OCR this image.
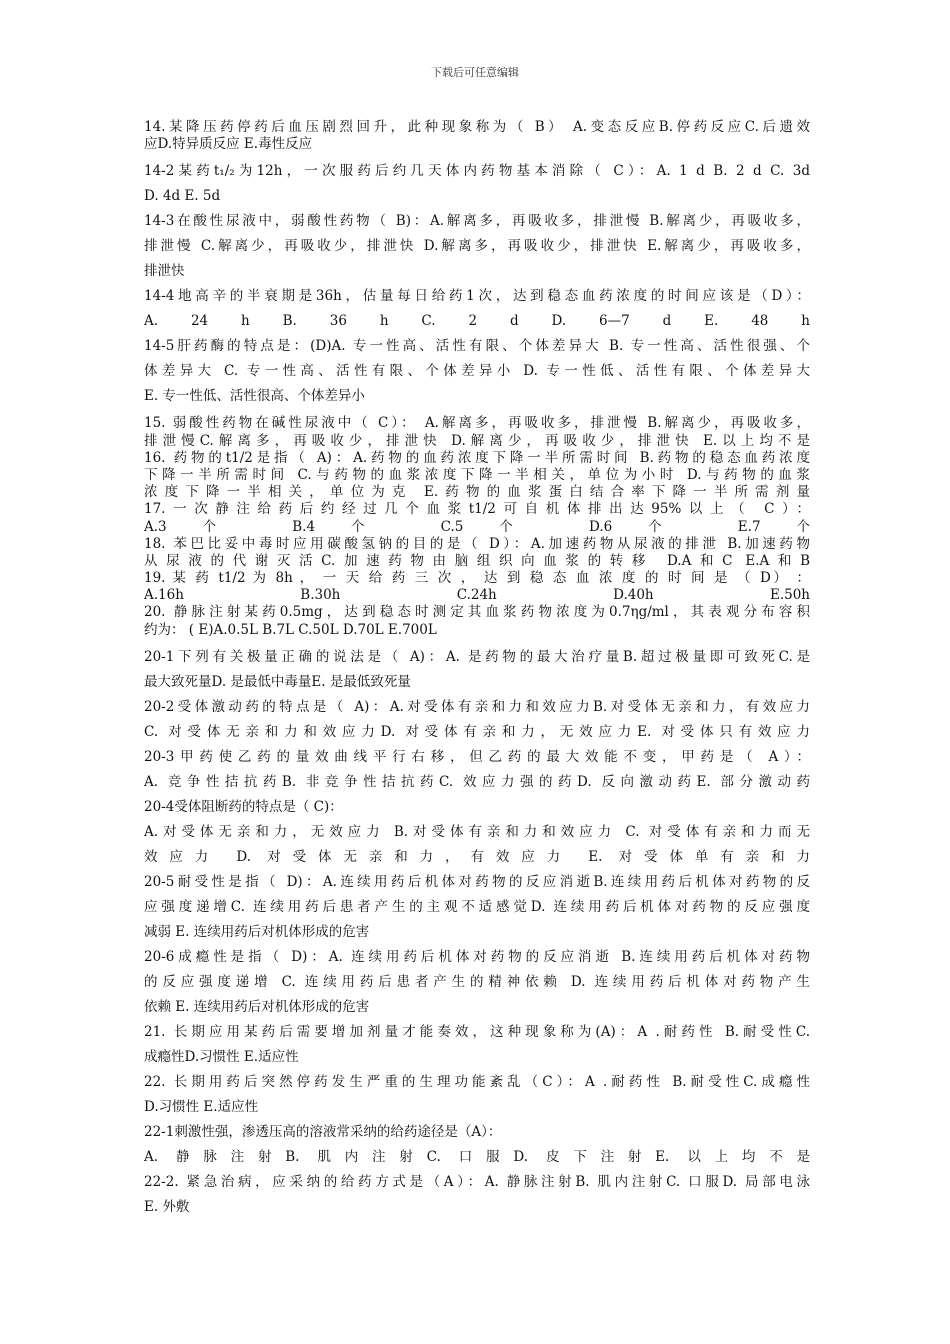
下载后可任意编辑
14.某降压药停药后血压剧烈回升，此种现象称为（ B） A.变态反应B.停药反应C.后遗效
应D.特异质反应 E.毒性反应
14-2某药t₁/₂为12h，一次服药后约几天体内药物基本消除（ C）：A. 1 d B. 2 d C. 3d
D. 4d E. 5d
14-3在酸性尿液中，弱酸性药物（ B)：A.解离多，再吸收多，排泄慢 B.解离少，再吸收多，
排泄慢 C.解离少，再吸收少，排泄快 D.解离多，再吸收少，排泄快 E.解离少，再吸收多，
排泄快
14-4地高辛的半衰期是36h，估量每日给药1次，达到稳态血药浓度的时间应该是（D）：
A. 24 h B. 36 h C. 2 d D. 6—7 d E. 48 h
14-5肝药酶的特点是：(D)A. 专一性高、活性有限、个体差异大 B. 专一性高、活性很强、个
体差异大 C. 专一性高、活性有限、个体差异小 D. 专一性低、活性有限、个体差异大
E. 专一性低、活性很高、个体差异小
15. 弱酸性药物在碱性尿液中（ C）： A.解离多，再吸收多，排泄慢 B.解离少，再吸收多，
排泄慢C.解离多，再吸收少，排泄快 D.解离少，再吸收少，排泄快 E.以上均不是
16. 药物的t1/2是指（ A)：A.药物的血药浓度下降一半所需时间 B.药物的稳态血药浓度
下降一半所需时间 C.与药物的血浆浓度下降一半相关，单位为小时 D.与药物的血浆
浓度下降一半相关，单位为克 E.药物的血浆蛋白结合率下降一半所需剂量
17.一次静注给药后约经过几个血浆t1/2可自机体排出达95%以上（ C）：
A.3个 B.4个 C.5个 D.6个 E.7个
18. 苯巴比妥中毒时应用碳酸氢钠的目的是（ D）：A.加速药物从尿液的排泄 B.加速药物
从尿液的代谢灭活C.加速药物由脑组织向血浆的转移 D.A和C E.A和B
19. 某 药 t1/2 为 8h ， 一 天 给 药 三 次 ， 达 到 稳 态 血 浓 度 的 时 间 是 （ D） ：
A.16h B.30h C.24h D.40h E.50h
20. 静脉注射某药0.5mg，达到稳态时测定其血浆药物浓度为0.7ηg/ml，其表观分布容积
约为： ( E)A.0.5L B.7L C.50L D.70L E.700L
20-1下列有关极量正确的说法是（ A)：A. 是药物的最大治疗量B.超过极量即可致死C.是
最大致死量D. 是最低中毒量E. 是最低致死量
20-2受体激动药的特点是（ A)：A.对受体有亲和力和效应力B.对受体无亲和力，有效应力
C. 对受体无亲和力和效应力D. 对受体有亲和力，无效应力E. 对受体只有效应力
20-3甲药使乙药的量效曲线平行右移，但乙药的最大效能不变，甲药是（ A）：
A. 竞争性拮抗药B. 非竞争性拮抗药C. 效应力强的药D. 反向激动药E. 部分激动药
20-4受体阻断药的特点是（ C)：
A.对受体无亲和力，无效应力 B.对受体有亲和力和效应力 C. 对受体有亲和力而无
效应力 D. 对受体无亲和力，有效应力 E. 对受体单有亲和力
20-5耐受性是指（ D)：A.连续用药后机体对药物的反应消逝B.连续用药后机体对药物的反
应强度递增C. 连续用药后患者产生的主观不适感觉D. 连续用药后机体对药物的反应强度
减弱 E. 连续用药后对机体形成的危害
20-6成瘾性是指（ D)：A. 连续用药后机体对药物的反应消逝 B.连续用药后机体对药物
的反应强度递增 C. 连续用药后患者产生的精神依赖 D. 连续用药后机体对药物产生
依赖 E. 连续用药后对机体形成的危害
21. 长期应用某药后需要增加剂量才能奏效，这种现象称为(A)：A .耐药性 B.耐受性C.
成瘾性D.习惯性 E.适应性
22. 长期用药后突然停药发生严重的生理功能紊乱（C）：A .耐药性 B.耐受性C.成瘾性
D.习惯性 E.适应性
22-1刺激性强，渗透压高的溶液常采纳的给药途径是（A）：
A. 静脉注射B. 肌内注射C. 口服D. 皮下注射E. 以上均不是
22-2. 紧急治病，应采纳的给药方式是（A）：A. 静脉注射B. 肌内注射C. 口服D. 局部电泳
E. 外敷
